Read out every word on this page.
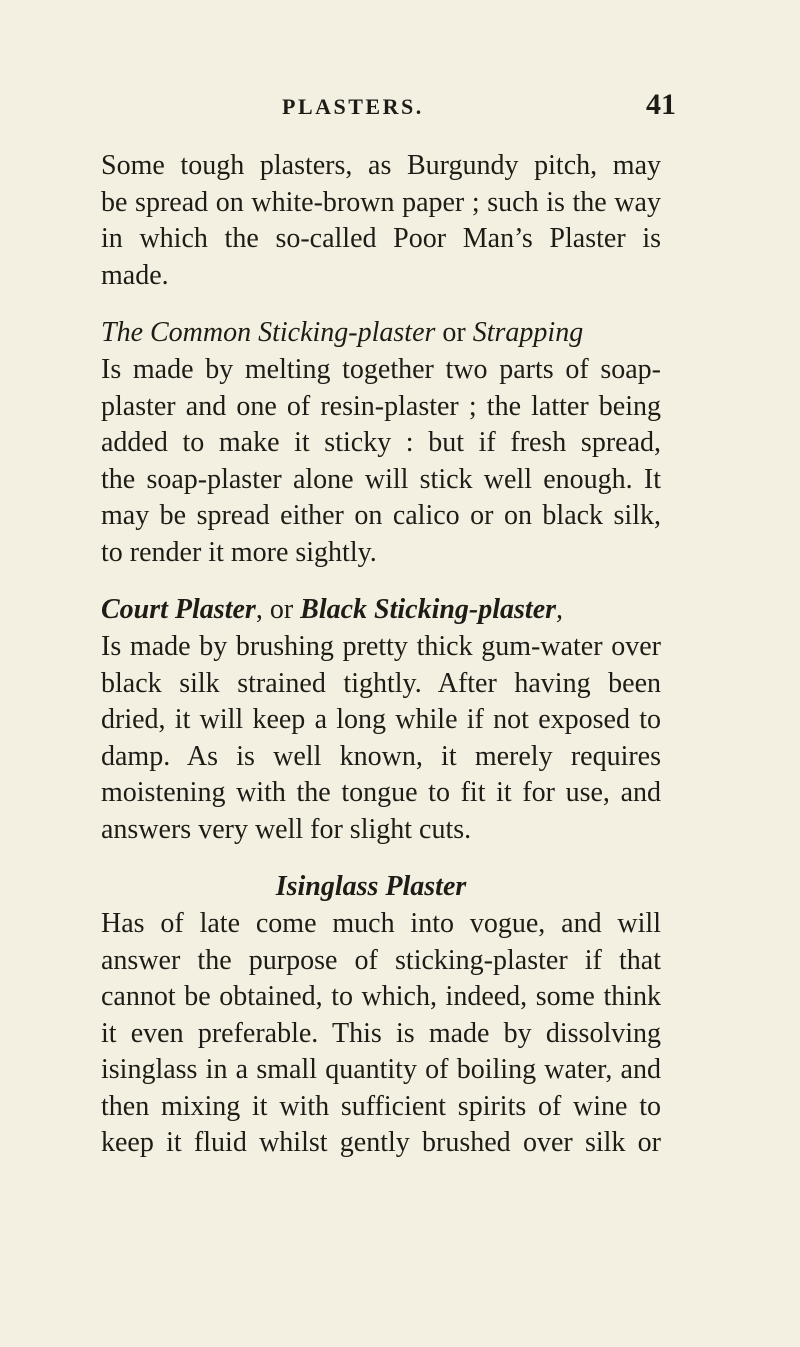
PLASTERS.	41
Some tough plasters, as Burgundy pitch, may
be spread on white-brown paper ; such is the way
in which the so-called Poor Man’s Plaster is
made.
The Common Sticking-plaster or Strapping
Is made by melting together two parts of soap-
plaster and one of resin-plaster ; the latter being
added to make it sticky : but if fresh spread,
the soap-plaster alone will stick well enough. It
may be spread either on calico or on black silk,
to render it more sightly.
Court Plaster, or Black Sticking-plaster,
Is made by brushing pretty thick gum-water over
black silk strained tightly. After having been
dried, it will keep a long while if not exposed to
damp. As is well known, it merely requires
moistening with the tongue to fit it for use, and
answers very well for slight cuts.
Isinglass Plaster
Has of late come much into vogue, and will
answer the purpose of sticking-plaster if that
cannot be obtained, to which, indeed, some think
it even preferable. This is made by dissolving
isinglass in a small quantity of boiling water, and
then mixing it with sufficient spirits of wine to
keep it fluid whilst gently brushed over silk or
